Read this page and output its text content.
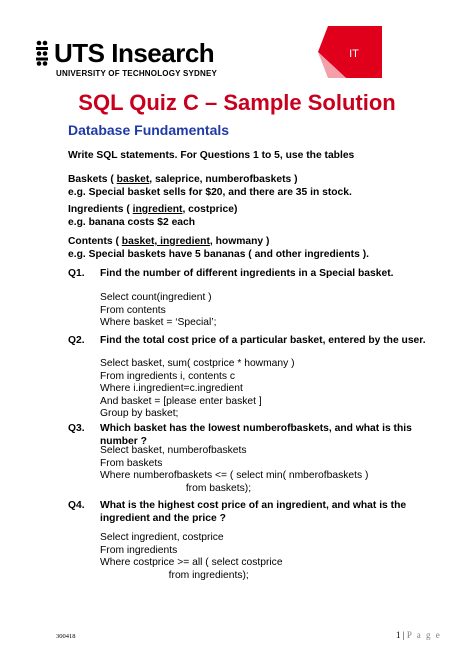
UTS Insearch
UNIVERSITY OF TECHNOLOGY SYDNEY
IT
SQL Quiz C – Sample Solution
Database Fundamentals
Write SQL statements. For Questions 1 to 5, use the tables
Baskets ( basket, saleprice, numberofbaskets )
e.g. Special basket sells for $20, and there are 35 in stock.
Ingredients ( ingredient, costprice)
e.g. banana costs $2 each
Contents ( basket, ingredient, howmany )
e.g. Special baskets have 5 bananas ( and other ingredients ).
Q1. Find the number of different ingredients in a Special basket.
Select count(ingredient )
From contents
Where basket = ‘Special’;
Q2. Find the total cost price of a particular basket, entered by the user.
Select basket, sum( costprice * howmany )
From ingredients i, contents c
Where i.ingredient=c.ingredient
And basket = [please enter basket ]
Group by basket;
Q3. Which basket has the lowest numberofbaskets, and what is this number ?
Select basket, numberofbaskets
From baskets
Where numberofbaskets <= ( select min( nmberofbaskets )
from baskets);
Q4. What is the highest cost price of an ingredient, and what is the ingredient and the price ?
Select ingredient, costprice
From ingredients
Where costprice >= all ( select costprice
from ingredients);
300418	1 | P a g e
